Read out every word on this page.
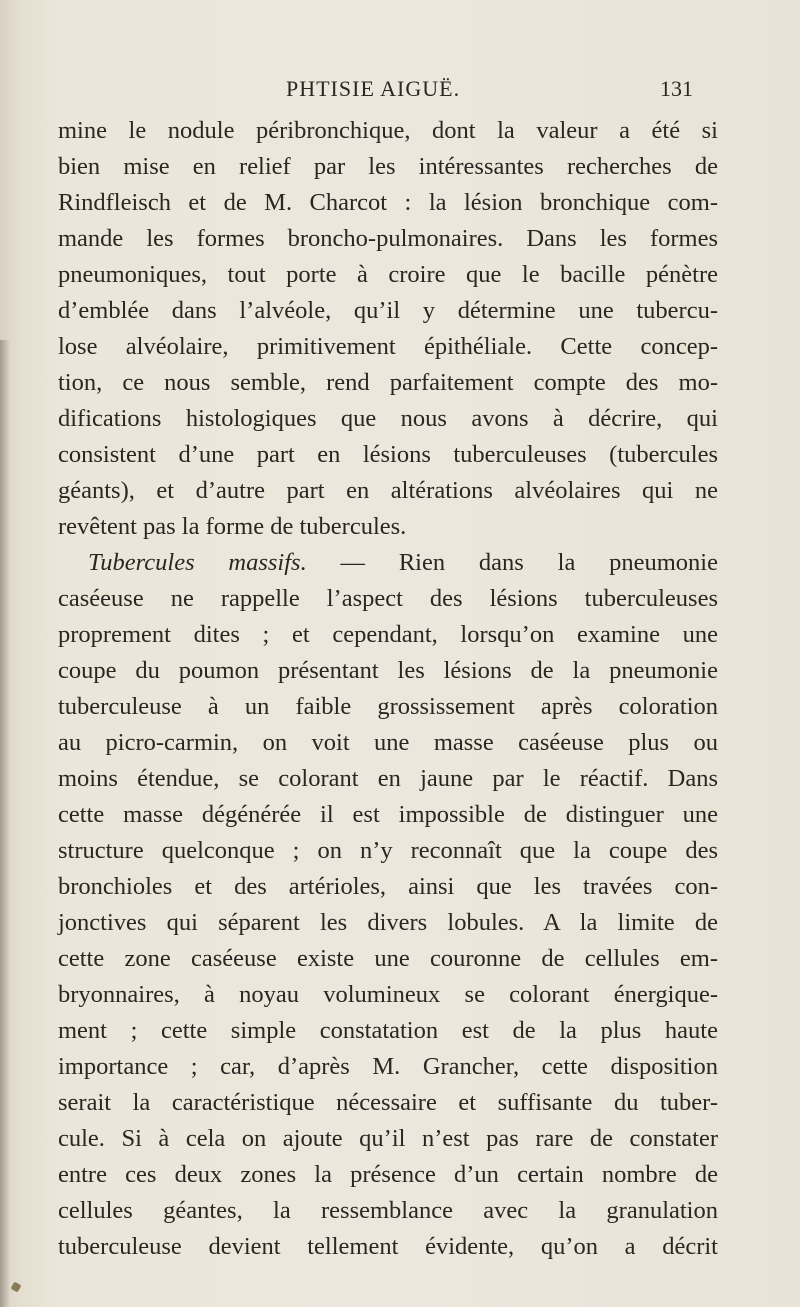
PHTISIE AIGUË.	131
mine le nodule péribronchique, dont la valeur a été si
bien mise en relief par les intéressantes recherches de
Rindfleisch et de M. Charcot : la lésion bronchique com-
mande les formes broncho-pulmonaires. Dans les formes
pneumoniques, tout porte à croire que le bacille pénètre
d’emblée dans l’alvéole, qu’il y détermine une tubercu-
lose alvéolaire, primitivement épithéliale. Cette concep-
tion, ce nous semble, rend parfaitement compte des mo-
difications histologiques que nous avons à décrire, qui
consistent d’une part en lésions tuberculeuses (tubercules
géants), et d’autre part en altérations alvéolaires qui ne
revêtent pas la forme de tubercules.
Tubercules massifs. — Rien dans la pneumonie
caséeuse ne rappelle l’aspect des lésions tuberculeuses
proprement dites ; et cependant, lorsqu’on examine une
coupe du poumon présentant les lésions de la pneumonie
tuberculeuse à un faible grossissement après coloration
au picro-carmin, on voit une masse caséeuse plus ou
moins étendue, se colorant en jaune par le réactif. Dans
cette masse dégénérée il est impossible de distinguer une
structure quelconque ; on n’y reconnaît que la coupe des
bronchioles et des artérioles, ainsi que les travées con-
jonctives qui séparent les divers lobules. A la limite de
cette zone caséeuse existe une couronne de cellules em-
bryonnaires, à noyau volumineux se colorant énergique-
ment ; cette simple constatation est de la plus haute
importance ; car, d’après M. Grancher, cette disposition
serait la caractéristique nécessaire et suffisante du tuber-
cule. Si à cela on ajoute qu’il n’est pas rare de constater
entre ces deux zones la présence d’un certain nombre de
cellules géantes, la ressemblance avec la granulation
tuberculeuse devient tellement évidente, qu’on a décrit
